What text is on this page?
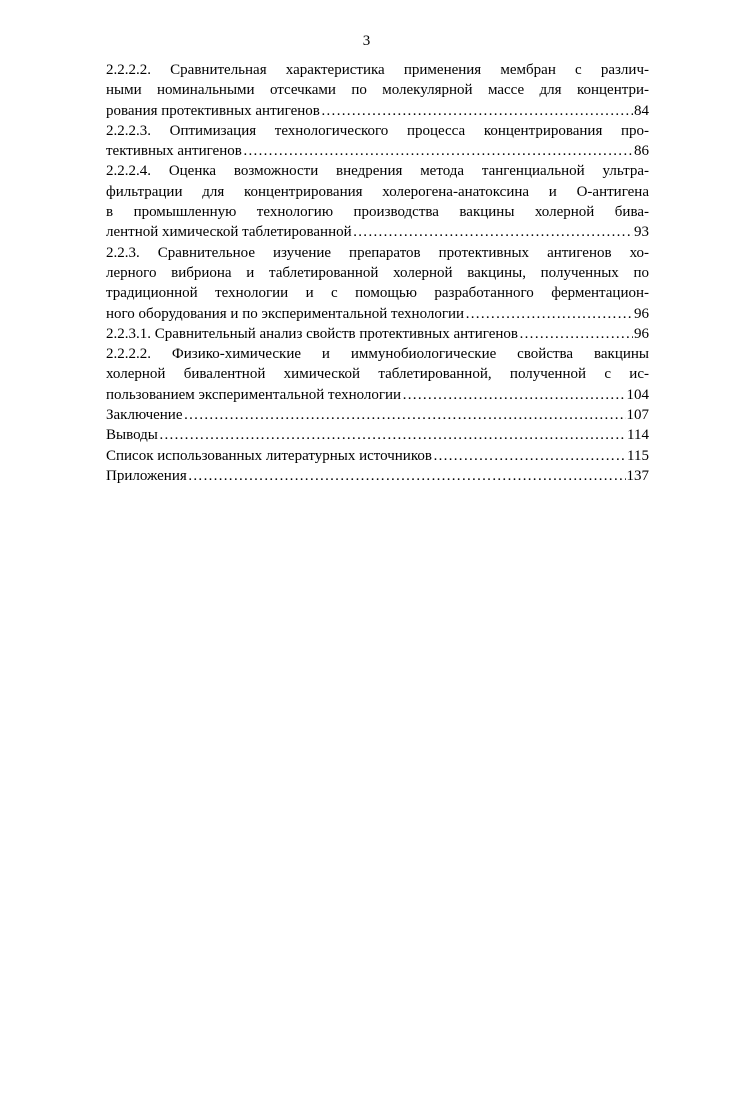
3
2.2.2.2. Сравнительная характеристика применения мембран с различ-
ными номинальными отсечками по молекулярной массе для концентри-
рования протективных антигенов …………………………………………………………………………………………………………………………………………………………	84
2.2.2.3. Оптимизация технологического процесса концентрирования про-
тективных антигенов …………………………………………………………………………………………………………………………………………………………	86
2.2.2.4. Оценка возможности внедрения метода тангенциальной ультра-
фильтрации для концентрирования холерогена-анатоксина и О-антигена
в промышленную технологию производства вакцины холерной бива-
лентной химической таблетированной …………………………………………………………………………………………………………………………………………………………	93
2.2.3. Сравнительное изучение препаратов протективных антигенов хо-
лерного вибриона и таблетированной холерной вакцины, полученных по
традиционной технологии и с помощью разработанного ферментацион-
ного оборудования и по экспериментальной технологии …………………………………………………………………………………………………………………………………………………………	96
2.2.3.1. Сравнительный анализ свойств протективных антигенов …………………………………………………………………………………………………………………………………………………………	96
2.2.2.2. Физико-химические и иммунобиологические свойства вакцины
холерной бивалентной химической таблетированной, полученной с ис-
пользованием экспериментальной технологии …………………………………………………………………………………………………………………………………………………………	104
Заключение …………………………………………………………………………………………………………………………………………………………	107
Выводы …………………………………………………………………………………………………………………………………………………………	114
Список использованных литературных источников …………………………………………………………………………………………………………………………………………………………	115
Приложения …………………………………………………………………………………………………………………………………………………………	137
